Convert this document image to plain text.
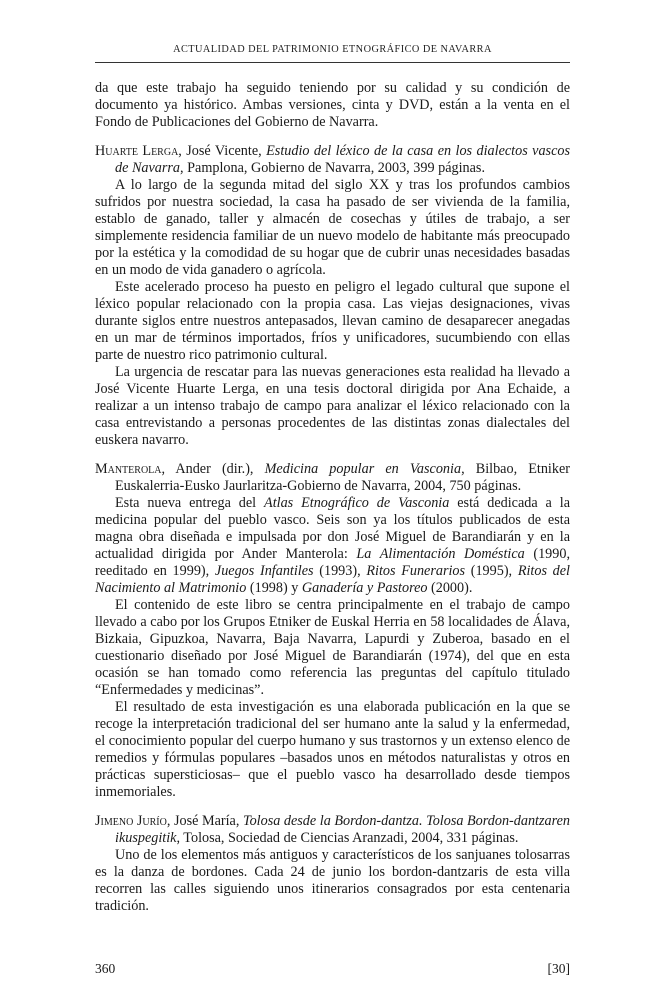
ACTUALIDAD DEL PATRIMONIO ETNOGRÁFICO DE NAVARRA

da que este trabajo ha seguido teniendo por su calidad y su condición de documento ya histórico. Ambas versiones, cinta y DVD, están a la venta en el Fondo de Publicaciones del Gobierno de Navarra.

Huarte Lerga, José Vicente, Estudio del léxico de la casa en los dialectos vascos de Navarra, Pamplona, Gobierno de Navarra, 2003, 399 páginas.

A lo largo de la segunda mitad del siglo XX y tras los profundos cambios sufridos por nuestra sociedad, la casa ha pasado de ser vivienda de la familia, establo de ganado, taller y almacén de cosechas y útiles de trabajo, a ser simplemente residencia familiar de un nuevo modelo de habitante más preocupado por la estética y la comodidad de su hogar que de cubrir unas necesidades basadas en un modo de vida ganadero o agrícola.

Este acelerado proceso ha puesto en peligro el legado cultural que supone el léxico popular relacionado con la propia casa. Las viejas designaciones, vivas durante siglos entre nuestros antepasados, llevan camino de desaparecer anegadas en un mar de términos importados, fríos y unificadores, sucumbiendo con ellas parte de nuestro rico patrimonio cultural.

La urgencia de rescatar para las nuevas generaciones esta realidad ha llevado a José Vicente Huarte Lerga, en una tesis doctoral dirigida por Ana Echaide, a realizar a un intenso trabajo de campo para analizar el léxico relacionado con la casa entrevistando a personas procedentes de las distintas zonas dialectales del euskera navarro.

Manterola, Ander (dir.), Medicina popular en Vasconia, Bilbao, Etniker Euskalerria-Eusko Jaurlaritza-Gobierno de Navarra, 2004, 750 páginas.

Esta nueva entrega del Atlas Etnográfico de Vasconia está dedicada a la medicina popular del pueblo vasco. Seis son ya los títulos publicados de esta magna obra diseñada e impulsada por don José Miguel de Barandiarán y en la actualidad dirigida por Ander Manterola: La Alimentación Doméstica (1990, reeditado en 1999), Juegos Infantiles (1993), Ritos Funerarios (1995), Ritos del Nacimiento al Matrimonio (1998) y Ganadería y Pastoreo (2000).

El contenido de este libro se centra principalmente en el trabajo de campo llevado a cabo por los Grupos Etniker de Euskal Herria en 58 localidades de Álava, Bizkaia, Gipuzkoa, Navarra, Baja Navarra, Lapurdi y Zuberoa, basado en el cuestionario diseñado por José Miguel de Barandiarán (1974), del que en esta ocasión se han tomado como referencia las preguntas del capítulo titulado “Enfermedades y medicinas”.

El resultado de esta investigación es una elaborada publicación en la que se recoge la interpretación tradicional del ser humano ante la salud y la enfermedad, el conocimiento popular del cuerpo humano y sus trastornos y un extenso elenco de remedios y fórmulas populares –basados unos en métodos naturalistas y otros en prácticas supersticiosas– que el pueblo vasco ha desarrollado desde tiempos inmemoriales.

Jimeno Jurío, José María, Tolosa desde la Bordon-dantza. Tolosa Bordon-dantzaren ikuspegitik, Tolosa, Sociedad de Ciencias Aranzadi, 2004, 331 páginas.

Uno de los elementos más antiguos y característicos de los sanjuanes tolosarras es la danza de bordones. Cada 24 de junio los bordon-dantzaris de esta villa recorren las calles siguiendo unos itinerarios consagrados por esta centenaria tradición.

360	[30]
